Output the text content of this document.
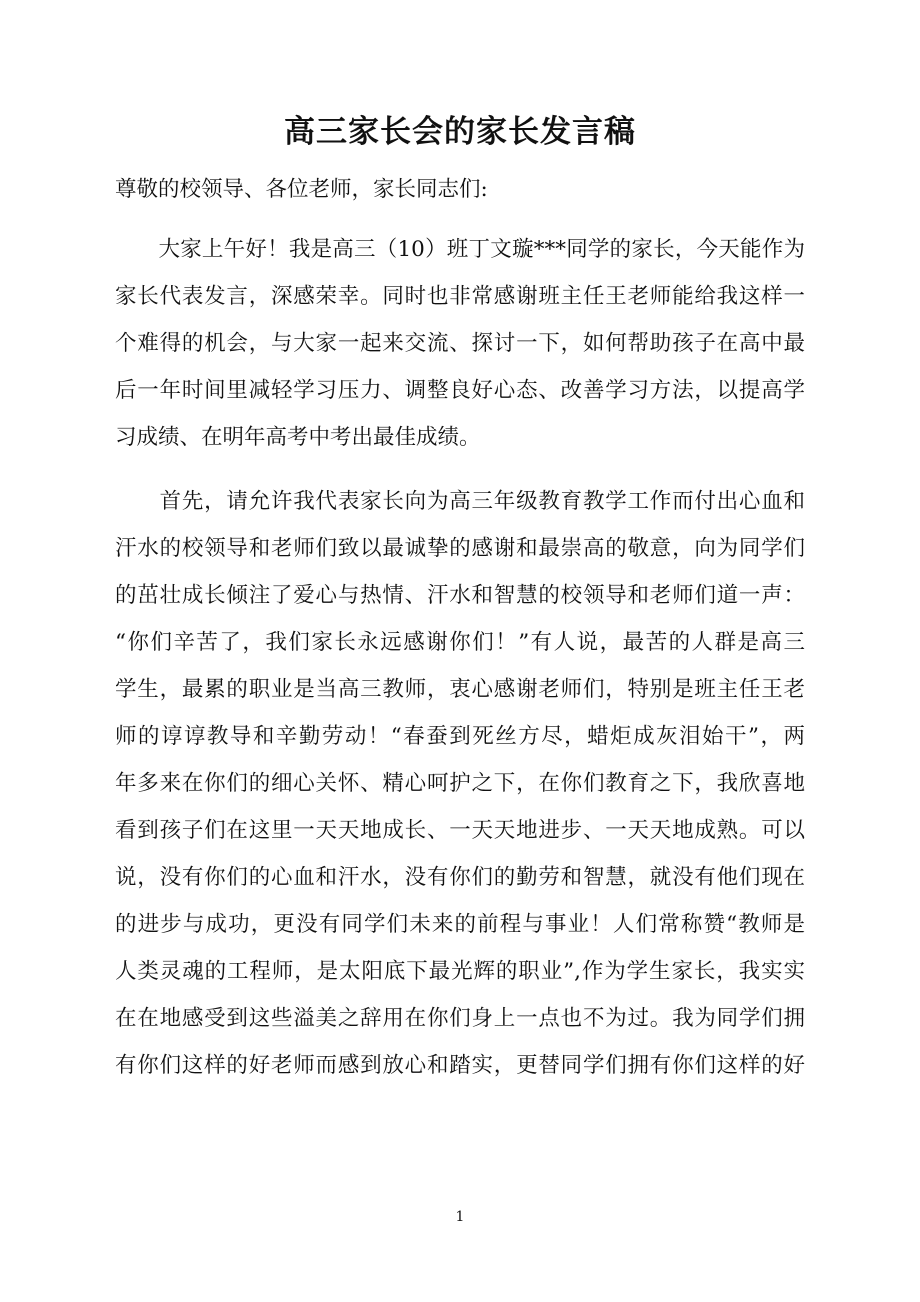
高三家长会的家长发言稿
尊敬的校领导、各位老师，家长同志们:
　　大家上午好！我是高三（10）班丁文璇***同学的家长，今天能作为
家长代表发言，深感荣幸。同时也非常感谢班主任王老师能给我这样一
个难得的机会，与大家一起来交流、探讨一下，如何帮助孩子在高中最
后一年时间里减轻学习压力、调整良好心态、改善学习方法，以提高学
习成绩、在明年高考中考出最佳成绩。
　　首先，请允许我代表家长向为高三年级教育教学工作而付出心血和
汗水的校领导和老师们致以最诚挚的感谢和最崇高的敬意，向为同学们
的茁壮成长倾注了爱心与热情、汗水和智慧的校领导和老师们道一声：
“你们辛苦了，我们家长永远感谢你们！”有人说，最苦的人群是高三
学生，最累的职业是当高三教师，衷心感谢老师们，特别是班主任王老
师的谆谆教导和辛勤劳动！“春蚕到死丝方尽，蜡炬成灰泪始干”，两
年多来在你们的细心关怀、精心呵护之下，在你们教育之下，我欣喜地
看到孩子们在这里一天天地成长、一天天地进步、一天天地成熟。可以
说，没有你们的心血和汗水，没有你们的勤劳和智慧，就没有他们现在
的进步与成功，更没有同学们未来的前程与事业！人们常称赞“教师是
人类灵魂的工程师，是太阳底下最光辉的职业”,作为学生家长，我实实
在在地感受到这些溢美之辞用在你们身上一点也不为过。我为同学们拥
有你们这样的好老师而感到放心和踏实，更替同学们拥有你们这样的好
1
